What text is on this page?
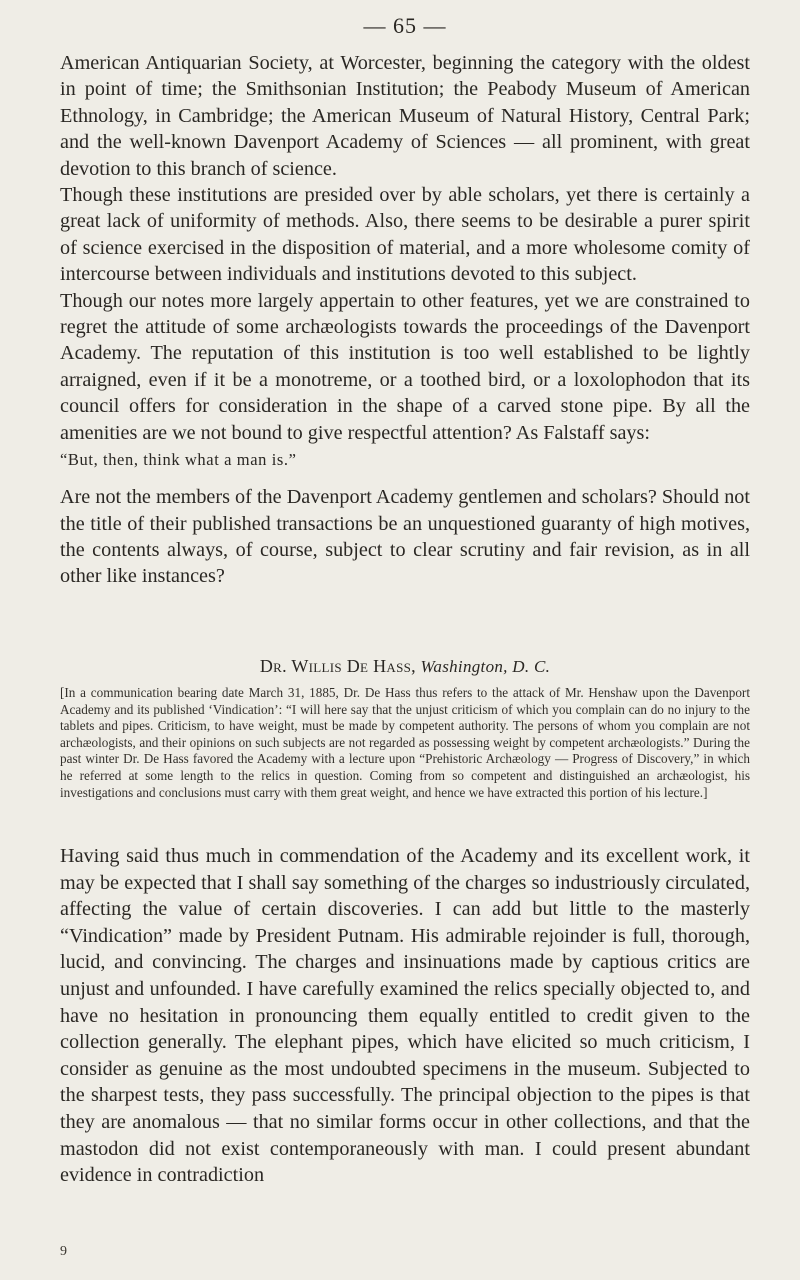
— 65 —

American Antiquarian Society, at Worcester, beginning the category with the oldest in point of time; the Smithsonian Institution; the Peabody Museum of American Ethnology, in Cambridge; the American Museum of Natural History, Central Park; and the well-known Davenport Academy of Sciences — all prominent, with great devotion to this branch of science.

Though these institutions are presided over by able scholars, yet there is certainly a great lack of uniformity of methods. Also, there seems to be desirable a purer spirit of science exercised in the disposition of material, and a more wholesome comity of intercourse between individuals and institutions devoted to this subject.

Though our notes more largely appertain to other features, yet we are constrained to regret the attitude of some archæologists towards the proceedings of the Davenport Academy. The reputation of this institution is too well established to be lightly arraigned, even if it be a monotreme, or a toothed bird, or a loxolophodon that its council offers for consideration in the shape of a carved stone pipe. By all the amenities are we not bound to give respectful attention? As Falstaff says:

“But, then, think what a man is.”

Are not the members of the Davenport Academy gentlemen and scholars? Should not the title of their published transactions be an unquestioned guaranty of high motives, the contents always, of course, subject to clear scrutiny and fair revision, as in all other like instances?

Dr. Willis De Hass, Washington, D. C.
[In a communication bearing date March 31, 1885, Dr. De Hass thus refers to the attack of Mr. Henshaw upon the Davenport Academy and its published ‘Vindication’: “I will here say that the unjust criticism of which you complain can do no injury to the tablets and pipes. Criticism, to have weight, must be made by competent authority. The persons of whom you complain are not archæologists, and their opinions on such subjects are not regarded as possessing weight by competent archæologists.” During the past winter Dr. De Hass favored the Academy with a lecture upon “Prehistoric Archæology — Progress of Discovery,” in which he referred at some length to the relics in question. Coming from so competent and distinguished an archæologist, his investigations and conclusions must carry with them great weight, and hence we have extracted this portion of his lecture.]

Having said thus much in commendation of the Academy and its excellent work, it may be expected that I shall say something of the charges so industriously circulated, affecting the value of certain discoveries. I can add but little to the masterly “Vindication” made by President Putnam. His admirable rejoinder is full, thorough, lucid, and convincing. The charges and insinuations made by captious critics are unjust and unfounded. I have carefully examined the relics specially objected to, and have no hesitation in pronouncing them equally entitled to credit given to the collection generally. The elephant pipes, which have elicited so much criticism, I consider as genuine as the most undoubted specimens in the museum. Subjected to the sharpest tests, they pass successfully. The principal objection to the pipes is that they are anomalous — that no similar forms occur in other collections, and that the mastodon did not exist contemporaneously with man. I could present abundant evidence in contradiction

9
